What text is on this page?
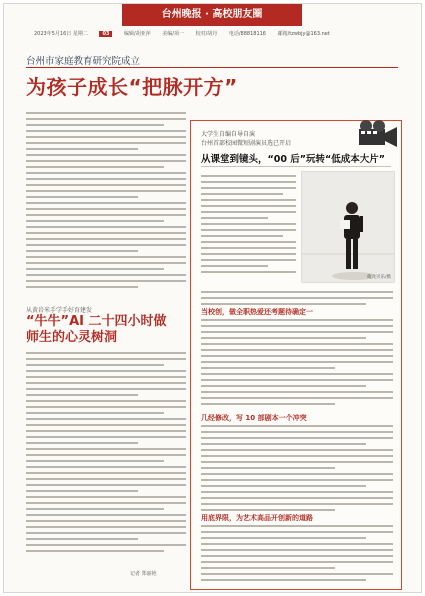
台州晚报 · 高校朋友圈
2023年5月16日 星期二	03	编辑/胡亚萍 美编/项一 校对/胡丹 电话/88818116 邮箱/tzwbjy@163.net
台州市家庭教育研究院成立
为孩子成长“把脉开方”
从黄岩米手学手好育建发
“牛牛”AI 二十四小时做师生的心灵树洞
记者 郑丽艳
大学生自编自导自演
台州首部校园微短剧演员选已开启
从课堂到镜头，“00 后”玩转“低成本大片”
俺元贝乐/摄
当校创，做全职热爱还考题待确定一
几经修改，写 10 部剧本一个冲突
用底界限，为艺术高品开创新的道路
